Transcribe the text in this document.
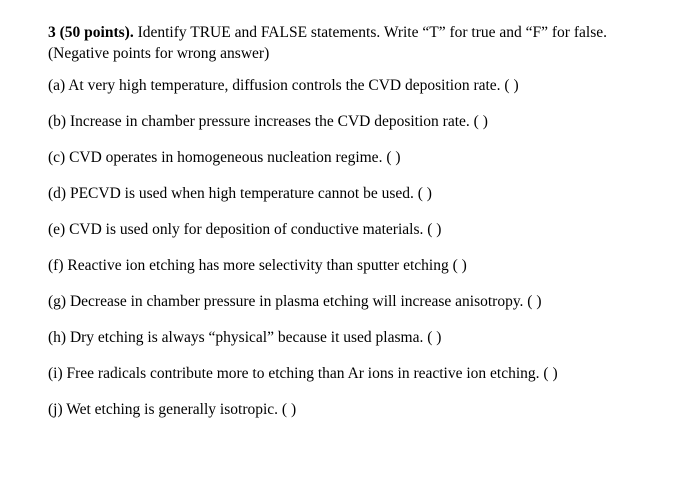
3 (50 points). Identify TRUE and FALSE statements. Write “T” for true and “F” for false.
(Negative points for wrong answer)

(a) At very high temperature, diffusion controls the CVD deposition rate. ( )
(b) Increase in chamber pressure increases the CVD deposition rate. ( )
(c) CVD operates in homogeneous nucleation regime. ( )
(d) PECVD is used when high temperature cannot be used. ( )
(e) CVD is used only for deposition of conductive materials. ( )
(f) Reactive ion etching has more selectivity than sputter etching ( )
(g) Decrease in chamber pressure in plasma etching will increase anisotropy. ( )
(h) Dry etching is always “physical” because it used plasma. ( )
(i) Free radicals contribute more to etching than Ar ions in reactive ion etching. ( )
(j) Wet etching is generally isotropic. ( )
